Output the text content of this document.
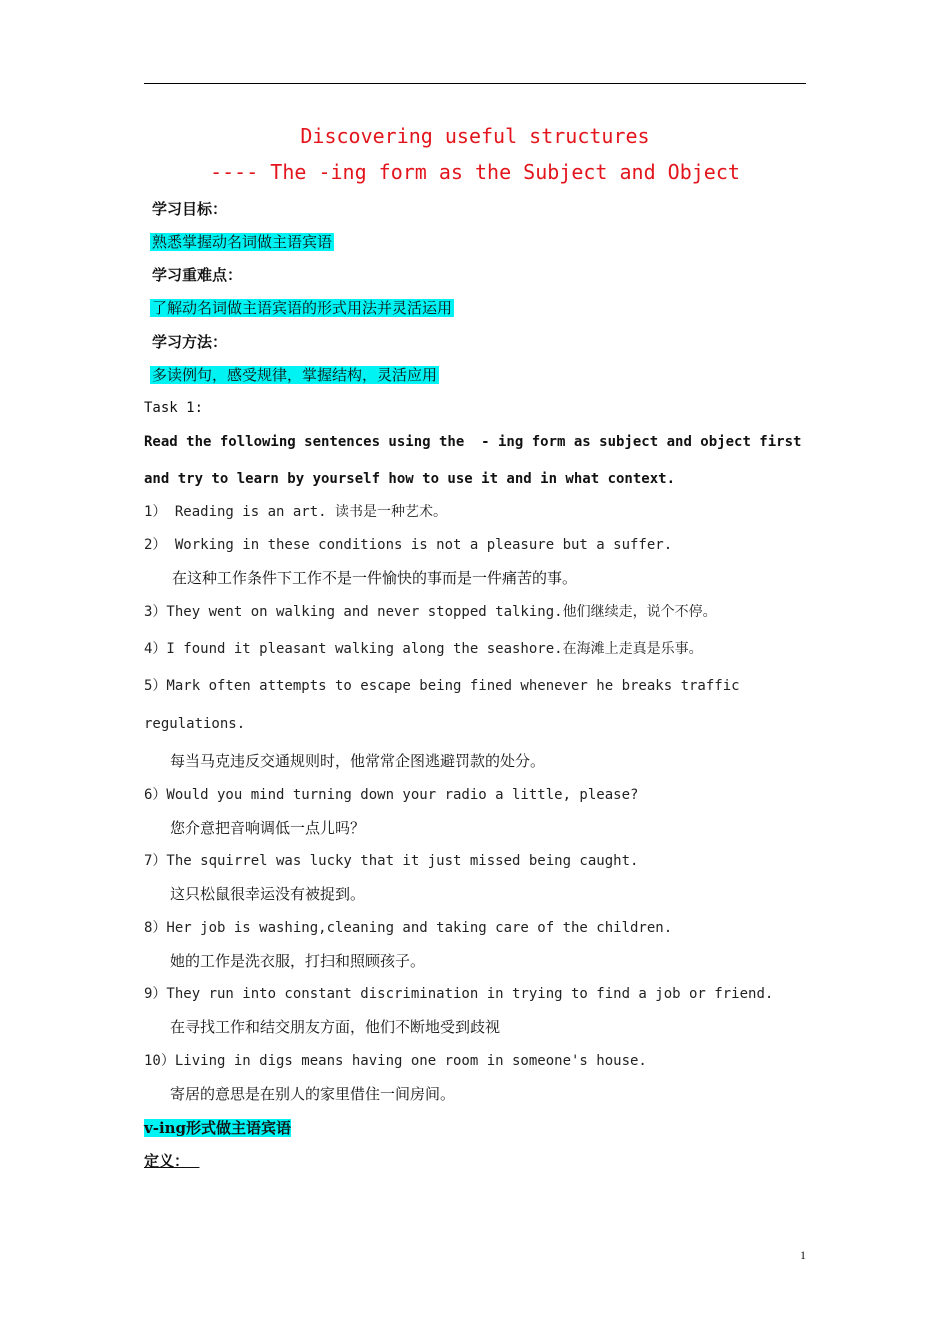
Discovering useful structures
---- The -ing form as the Subject and Object
学习目标：
熟悉掌握动名词做主语宾语
学习重难点：
了解动名词做主语宾语的形式用法并灵活运用
学习方法：
多读例句，感受规律，掌握结构，灵活应用
Task 1:
Read the following sentences using the  - ing form as subject and object first
and try to learn by yourself how to use it and in what context.
1） Reading is an art. 读书是一种艺术。
2） Working in these conditions is not a pleasure but a suffer.
在这种工作条件下工作不是一件愉快的事而是一件痛苦的事。
3）They went on walking and never stopped talking.他们继续走，说个不停。
4）I found it pleasant walking along the seashore.在海滩上走真是乐事。
5）Mark often attempts to escape being fined whenever he breaks traffic
regulations.
每当马克违反交通规则时，他常常企图逃避罚款的处分。
6）Would you mind turning down your radio a little, please?
您介意把音响调低一点儿吗？
7）The squirrel was lucky that it just missed being caught.
这只松鼠很幸运没有被捉到。
8）Her job is washing,cleaning and taking care of the children.
她的工作是洗衣服，打扫和照顾孩子。
9）They run into constant discrimination in trying to find a job or friend.
在寻找工作和结交朋友方面，他们不断地受到歧视
10）Living in digs means having one room in someone's house.
寄居的意思是在别人的家里借住一间房间。
v-ing形式做主语宾语
定义：
1
